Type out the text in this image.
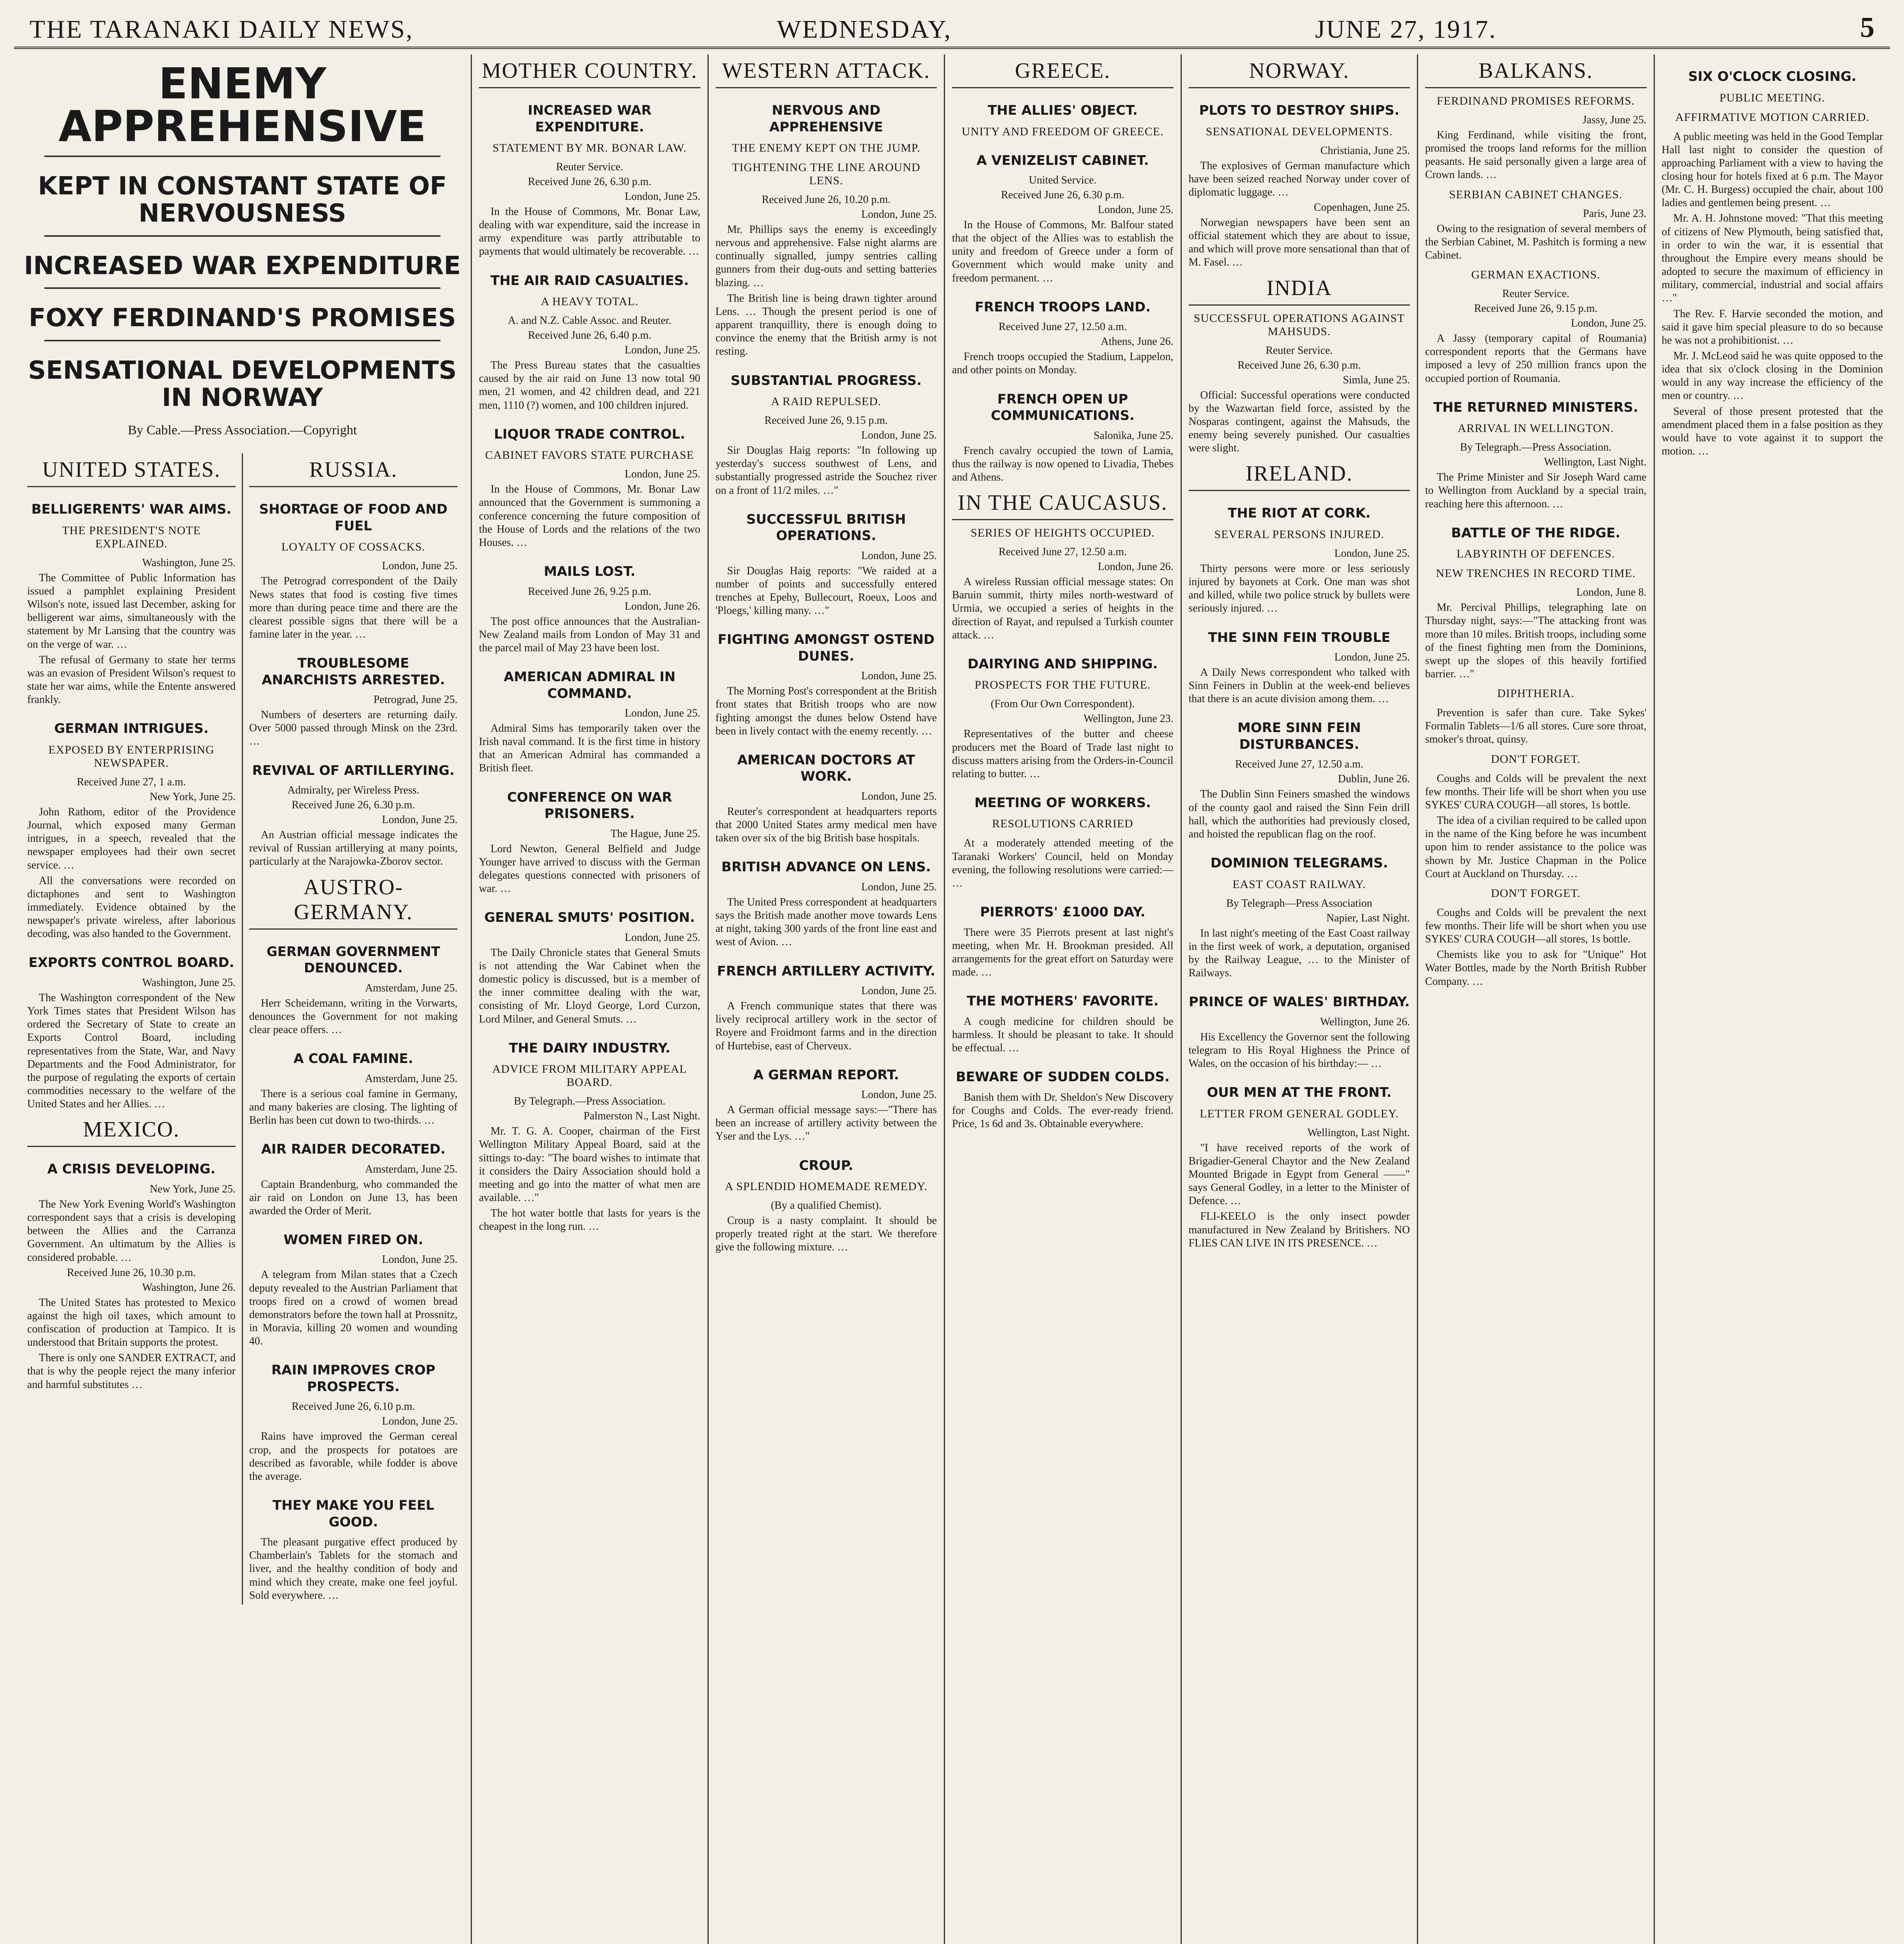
THE TARANAKI DAILY NEWS,	WEDNESDAY,	JUNE 27, 1917.	5
ENEMY APPREHENSIVE
KEPT IN CONSTANT STATE OF NERVOUSNESS
INCREASED WAR EXPENDITURE
FOXY FERDINAND'S PROMISES
SENSATIONAL DEVELOPMENTS IN NORWAY
By Cable.—Press Association.—Copyright
UNITED STATES.
BELLIGERENTS' WAR AIMS.
THE PRESIDENT'S NOTE EXPLAINED.
Washington, June 25.

The Committee of Public Information has issued a pamphlet explaining President Wilson's note, issued last December, asking for belligerent war aims, simultaneously with the statement by Mr Lansing that the country was on the verge of war. …

The refusal of Germany to state her terms was an evasion of President Wilson's request to state her war aims, while the Entente answered frankly.

GERMAN INTRIGUES.
EXPOSED BY ENTERPRISING NEWSPAPER.
Received June 27, 1 a.m.
New York, June 25.

John Rathom, editor of the Providence Journal, which exposed many German intrigues, in a speech, revealed that the newspaper employees had their own secret service. …

All the conversations were recorded on dictaphones and sent to Washington immediately. Evidence obtained by the newspaper's private wireless, after laborious decoding, was also handed to the Government.

EXPORTS CONTROL BOARD.
Washington, June 25.

The Washington correspondent of the New York Times states that President Wilson has ordered the Secretary of State to create an Exports Control Board, including representatives from the State, War, and Navy Departments and the Food Administrator, for the purpose of regulating the exports of certain commodities necessary to the welfare of the United States and her Allies. …

MEXICO.
A CRISIS DEVELOPING.
New York, June 25.

The New York Evening World's Washington correspondent says that a crisis is developing between the Allies and the Carranza Government. An ultimatum by the Allies is considered probable. …

Received June 26, 10.30 p.m.
Washington, June 26.

The United States has protested to Mexico against the high oil taxes, which amount to confiscation of production at Tampico. It is understood that Britain supports the protest.

There is only one SANDER EXTRACT, and that is why the people reject the many inferior and harmful substitutes …

RUSSIA.
SHORTAGE OF FOOD AND FUEL
LOYALTY OF COSSACKS.
London, June 25.

The Petrograd correspondent of the Daily News states that food is costing five times more than during peace time and there are the clearest possible signs that there will be a famine later in the year. …

TROUBLESOME ANARCHISTS ARRESTED.
Petrograd, June 25.

Numbers of deserters are returning daily. Over 5000 passed through Minsk on the 23rd. …

REVIVAL OF ARTILLERYING.
Admiralty, per Wireless Press.
Received June 26, 6.30 p.m.
London, June 25.

An Austrian official message indicates the revival of Russian artillerying at many points, particularly at the Narajowka-Zborov sector.

AUSTRO-GERMANY.
GERMAN GOVERNMENT DENOUNCED.
Amsterdam, June 25.

Herr Scheidemann, writing in the Vorwarts, denounces the Government for not making clear peace offers. …

A COAL FAMINE.
Amsterdam, June 25.

There is a serious coal famine in Germany, and many bakeries are closing. The lighting of Berlin has been cut down to two-thirds. …

AIR RAIDER DECORATED.
Amsterdam, June 25.

Captain Brandenburg, who commanded the air raid on London on June 13, has been awarded the Order of Merit.

WOMEN FIRED ON.
London, June 25.

A telegram from Milan states that a Czech deputy revealed to the Austrian Parliament that troops fired on a crowd of women bread demonstrators before the town hall at Prossnitz, in Moravia, killing 20 women and wounding 40.

RAIN IMPROVES CROP PROSPECTS.
Received June 26, 6.10 p.m.
London, June 25.

Rains have improved the German cereal crop, and the prospects for potatoes are described as favorable, while fodder is above the average.

THEY MAKE YOU FEEL GOOD.

The pleasant purgative effect produced by Chamberlain's Tablets for the stomach and liver, and the healthy condition of body and mind which they create, make one feel joyful. Sold everywhere. …

MOTHER COUNTRY.
INCREASED WAR EXPENDITURE.
STATEMENT BY MR. BONAR LAW.
Reuter Service.
Received June 26, 6.30 p.m.
London, June 25.

In the House of Commons, Mr. Bonar Law, dealing with war expenditure, said the increase in army expenditure was partly attributable to payments that would ultimately be recoverable. …

THE AIR RAID CASUALTIES.
A HEAVY TOTAL.
A. and N.Z. Cable Assoc. and Reuter.
Received June 26, 6.40 p.m.
London, June 25.

The Press Bureau states that the casualties caused by the air raid on June 13 now total 90 men, 21 women, and 42 children dead, and 221 men, 1110 (?) women, and 100 children injured.

LIQUOR TRADE CONTROL.
CABINET FAVORS STATE PURCHASE
London, June 25.

In the House of Commons, Mr. Bonar Law announced that the Government is summoning a conference concerning the future composition of the House of Lords and the relations of the two Houses. …

MAILS LOST.
Received June 26, 9.25 p.m.
London, June 26.

The post office announces that the Australian-New Zealand mails from London of May 31 and the parcel mail of May 23 have been lost.

AMERICAN ADMIRAL IN COMMAND.
London, June 25.

Admiral Sims has temporarily taken over the Irish naval command. It is the first time in history that an American Admiral has commanded a British fleet.

CONFERENCE ON WAR PRISONERS.
The Hague, June 25.

Lord Newton, General Belfield and Judge Younger have arrived to discuss with the German delegates questions connected with prisoners of war. …

GENERAL SMUTS' POSITION.
London, June 25.

The Daily Chronicle states that General Smuts is not attending the War Cabinet when the domestic policy is discussed, but is a member of the inner committee dealing with the war, consisting of Mr. Lloyd George, Lord Curzon, Lord Milner, and General Smuts. …

THE DAIRY INDUSTRY.
ADVICE FROM MILITARY APPEAL BOARD.
By Telegraph.—Press Association.
Palmerston N., Last Night.

Mr. T. G. A. Cooper, chairman of the First Wellington Military Appeal Board, said at the sittings to-day: "The board wishes to intimate that it considers the Dairy Association should hold a meeting and go into the matter of what men are available. …"

The hot water bottle that lasts for years is the cheapest in the long run. …

WESTERN ATTACK.
NERVOUS AND APPREHENSIVE
THE ENEMY KEPT ON THE JUMP.
TIGHTENING THE LINE AROUND LENS.
Received June 26, 10.20 p.m.
London, June 25.

Mr. Phillips says the enemy is exceedingly nervous and apprehensive. False night alarms are continually signalled, jumpy sentries calling gunners from their dug-outs and setting batteries blazing. …

The British line is being drawn tighter around Lens. … Though the present period is one of apparent tranquillity, there is enough doing to convince the enemy that the British army is not resting.

SUBSTANTIAL PROGRESS.
A RAID REPULSED.
Received June 26, 9.15 p.m.
London, June 25.

Sir Douglas Haig reports: "In following up yesterday's success southwest of Lens, and substantially progressed astride the Souchez river on a front of 11/2 miles. …"

SUCCESSFUL BRITISH OPERATIONS.
London, June 25.

Sir Douglas Haig reports: "We raided at a number of points and successfully entered trenches at Epehy, Bullecourt, Roeux, Loos and 'Ploegs,' killing many. …"

FIGHTING AMONGST OSTEND DUNES.
London, June 25.

The Morning Post's correspondent at the British front states that British troops who are now fighting amongst the dunes below Ostend have been in lively contact with the enemy recently. …

AMERICAN DOCTORS AT WORK.
London, June 25.

Reuter's correspondent at headquarters reports that 2000 United States army medical men have taken over six of the big British base hospitals.

BRITISH ADVANCE ON LENS.
London, June 25.

The United Press correspondent at headquarters says the British made another move towards Lens at night, taking 300 yards of the front line east and west of Avion. …

FRENCH ARTILLERY ACTIVITY.
London, June 25.

A French communique states that there was lively reciprocal artillery work in the sector of Royere and Froidmont farms and in the direction of Hurtebise, east of Cherveux.

A GERMAN REPORT.
London, June 25.

A German official message says:—"There has been an increase of artillery activity between the Yser and the Lys. …"

CROUP.
A SPLENDID HOMEMADE REMEDY.
(By a qualified Chemist).

Croup is a nasty complaint. It should be properly treated right at the start. We therefore give the following mixture. …

GREECE.
THE ALLIES' OBJECT.
UNITY AND FREEDOM OF GREECE.
A VENIZELIST CABINET.
United Service.
Received June 26, 6.30 p.m.
London, June 25.

In the House of Commons, Mr. Balfour stated that the object of the Allies was to establish the unity and freedom of Greece under a form of Government which would make unity and freedom permanent. …

FRENCH TROOPS LAND.
Received June 27, 12.50 a.m.
Athens, June 26.

French troops occupied the Stadium, Lappelon, and other points on Monday.

FRENCH OPEN UP COMMUNICATIONS.
Salonika, June 25.

French cavalry occupied the town of Lamia, thus the railway is now opened to Livadia, Thebes and Athens.

IN THE CAUCASUS.
SERIES OF HEIGHTS OCCUPIED.
Received June 27, 12.50 a.m.
London, June 26.

A wireless Russian official message states: On Baruin summit, thirty miles north-westward of Urmia, we occupied a series of heights in the direction of Rayat, and repulsed a Turkish counter attack. …

DAIRYING AND SHIPPING.
PROSPECTS FOR THE FUTURE.
(From Our Own Correspondent).
Wellington, June 23.

Representatives of the butter and cheese producers met the Board of Trade last night to discuss matters arising from the Orders-in-Council relating to butter. …

MEETING OF WORKERS.
RESOLUTIONS CARRIED

At a moderately attended meeting of the Taranaki Workers' Council, held on Monday evening, the following resolutions were carried:— …

PIERROTS' £1000 DAY.

There were 35 Pierrots present at last night's meeting, when Mr. H. Brookman presided. All arrangements for the great effort on Saturday were made. …

THE MOTHERS' FAVORITE.

A cough medicine for children should be harmless. It should be pleasant to take. It should be effectual. …

BEWARE OF SUDDEN COLDS.

Banish them with Dr. Sheldon's New Discovery for Coughs and Colds. The ever-ready friend. Price, 1s 6d and 3s. Obtainable everywhere.

NORWAY.
PLOTS TO DESTROY SHIPS.
SENSATIONAL DEVELOPMENTS.
Christiania, June 25.

The explosives of German manufacture which have been seized reached Norway under cover of diplomatic luggage. …

Copenhagen, June 25.

Norwegian newspapers have been sent an official statement which they are about to issue, and which will prove more sensational than that of M. Fasel. …

INDIA
SUCCESSFUL OPERATIONS AGAINST MAHSUDS.
Reuter Service.
Received June 26, 6.30 p.m.
Simla, June 25.

Official: Successful operations were conducted by the Wazwartan field force, assisted by the Nosparas contingent, against the Mahsuds, the enemy being severely punished. Our casualties were slight.

IRELAND.
THE RIOT AT CORK.
SEVERAL PERSONS INJURED.
London, June 25.

Thirty persons were more or less seriously injured by bayonets at Cork. One man was shot and killed, while two police struck by bullets were seriously injured. …

THE SINN FEIN TROUBLE
London, June 25.

A Daily News correspondent who talked with Sinn Feiners in Dublin at the week-end believes that there is an acute division among them. …

MORE SINN FEIN DISTURBANCES.
Received June 27, 12.50 a.m.
Dublin, June 26.

The Dublin Sinn Feiners smashed the windows of the county gaol and raised the Sinn Fein drill hall, which the authorities had previously closed, and hoisted the republican flag on the roof.

DOMINION TELEGRAMS.
EAST COAST RAILWAY.
By Telegraph—Press Association
Napier, Last Night.

In last night's meeting of the East Coast railway in the first week of work, a deputation, organised by the Railway League, … to the Minister of Railways.

PRINCE OF WALES' BIRTHDAY.
Wellington, June 26.

His Excellency the Governor sent the following telegram to His Royal Highness the Prince of Wales, on the occasion of his birthday:— …

OUR MEN AT THE FRONT.
LETTER FROM GENERAL GODLEY.
Wellington, Last Night.

"I have received reports of the work of Brigadier-General Chaytor and the New Zealand Mounted Brigade in Egypt from General ——" says General Godley, in a letter to the Minister of Defence. …

FLI-KEELO is the only insect powder manufactured in New Zealand by Britishers. NO FLIES CAN LIVE IN ITS PRESENCE. …

BALKANS.
FERDINAND PROMISES REFORMS.
Jassy, June 25.

King Ferdinand, while visiting the front, promised the troops land reforms for the million peasants. He said personally given a large area of Crown lands. …

SERBIAN CABINET CHANGES.
Paris, June 23.

Owing to the resignation of several members of the Serbian Cabinet, M. Pashitch is forming a new Cabinet.

GERMAN EXACTIONS.
Reuter Service.
Received June 26, 9.15 p.m.
London, June 25.

A Jassy (temporary capital of Roumania) correspondent reports that the Germans have imposed a levy of 250 million francs upon the occupied portion of Roumania.

THE RETURNED MINISTERS.
ARRIVAL IN WELLINGTON.
By Telegraph.—Press Association.
Wellington, Last Night.

The Prime Minister and Sir Joseph Ward came to Wellington from Auckland by a special train, reaching here this afternoon. …

BATTLE OF THE RIDGE.
LABYRINTH OF DEFENCES.
NEW TRENCHES IN RECORD TIME.
London, June 8.

Mr. Percival Phillips, telegraphing late on Thursday night, says:—"The attacking front was more than 10 miles. British troops, including some of the finest fighting men from the Dominions, swept up the slopes of this heavily fortified barrier. …"

DIPHTHERIA.

Prevention is safer than cure. Take Sykes' Formalin Tablets—1/6 all stores. Cure sore throat, smoker's throat, quinsy.

DON'T FORGET.

Coughs and Colds will be prevalent the next few months. Their life will be short when you use SYKES' CURA COUGH—all stores, 1s bottle.

The idea of a civilian required to be called upon in the name of the King before he was incumbent upon him to render assistance to the police was shown by Mr. Justice Chapman in the Police Court at Auckland on Thursday. …

DON'T FORGET.

Coughs and Colds will be prevalent the next few months. Their life will be short when you use SYKES' CURA COUGH—all stores, 1s bottle.

Chemists like you to ask for "Unique" Hot Water Bottles, made by the North British Rubber Company. …

SIX O'CLOCK CLOSING.
PUBLIC MEETING.
AFFIRMATIVE MOTION CARRIED.

A public meeting was held in the Good Templar Hall last night to consider the question of approaching Parliament with a view to having the closing hour for hotels fixed at 6 p.m. The Mayor (Mr. C. H. Burgess) occupied the chair, about 100 ladies and gentlemen being present. …

Mr. A. H. Johnstone moved: "That this meeting of citizens of New Plymouth, being satisfied that, in order to win the war, it is essential that throughout the Empire every means should be adopted to secure the maximum of efficiency in military, commercial, industrial and social affairs …"

The Rev. F. Harvie seconded the motion, and said it gave him special pleasure to do so because he was not a prohibitionist. …

Mr. J. McLeod said he was quite opposed to the idea that six o'clock closing in the Dominion would in any way increase the efficiency of the men or country. …

Several of those present protested that the amendment placed them in a false position as they would have to vote against it to support the motion. …
